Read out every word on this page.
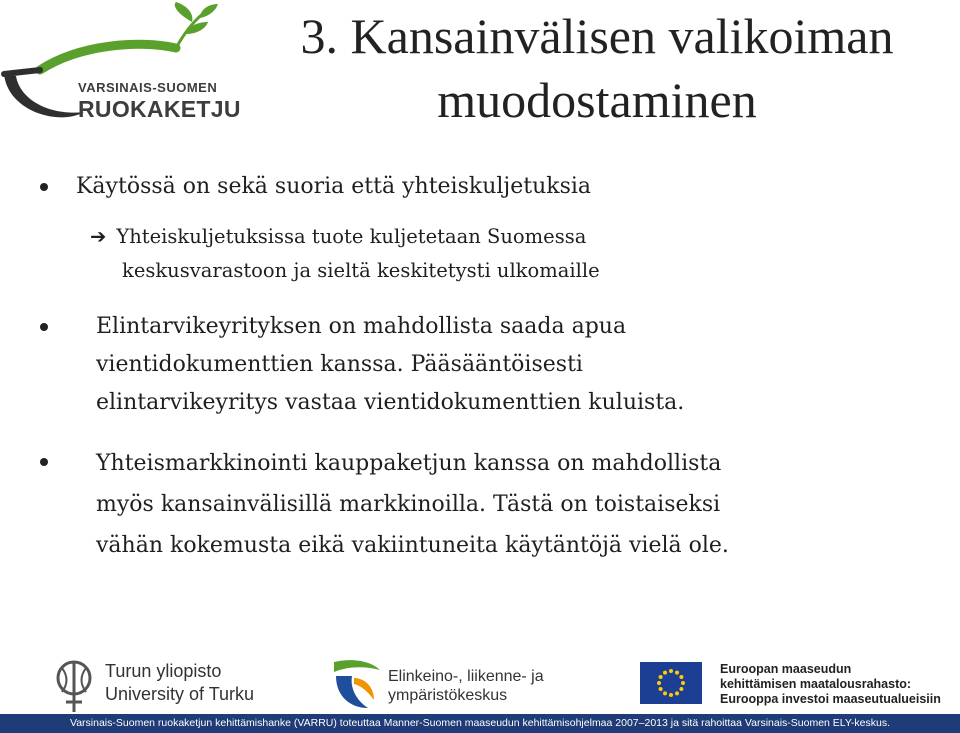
VARSINAIS-SUOMEN
RUOKAKETJU
3. Kansainvälisen valikoiman
muodostaminen
Käytössä on sekä suoria että yhteiskuljetuksia
➔ Yhteiskuljetuksissa tuote kuljetetaan Suomessa
keskusvarastoon ja sieltä keskitetysti ulkomaille
Elintarvikeyrityksen on mahdollista saada apua
vientidokumenttien kanssa. Pääsääntöisesti
elintarvikeyritys vastaa vientidokumenttien kuluista.
Yhteismarkkinointi kauppaketjun kanssa on mahdollista
myös kansainvälisillä markkinoilla. Tästä on toistaiseksi
vähän kokemusta eikä vakiintuneita käytäntöjä vielä ole.
Turun yliopisto
University of Turku
Elinkeino-, liikenne- ja
ympäristökeskus
Euroopan maaseudun
kehittämisen maatalousrahasto:
Eurooppa investoi maaseutualueisiin
Varsinais-Suomen ruokaketjun kehittämishanke (VARRU) toteuttaa Manner-Suomen maaseudun kehittämisohjelmaa 2007–2013 ja sitä rahoittaa Varsinais-Suomen ELY-keskus.
